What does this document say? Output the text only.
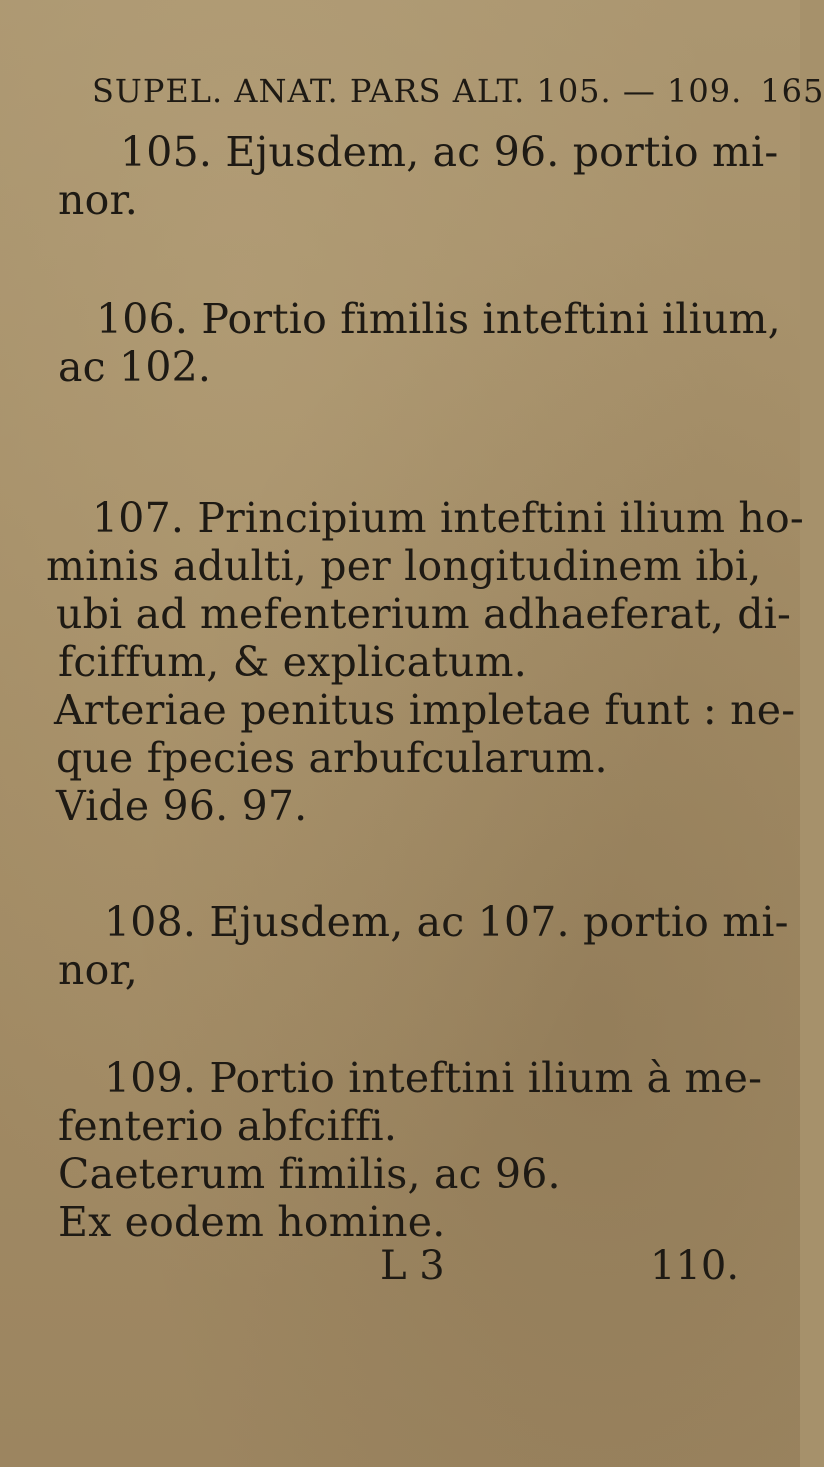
SUPEL. ANAT. PARS ALT. 105. — 109. 165
105. Ejusdem, ac 96. portio mi-
nor.
106. Portio fimilis inteftini ilium,
ac 102.
107. Principium inteftini ilium ho-
minis adulti, per longitudinem ibi,
ubi ad mefenterium adhaeferat, di-
fciffum, & explicatum.
Arteriae penitus impletae funt : ne-
que fpecies arbufcularum.
Vide 96. 97.
108. Ejusdem, ac 107. portio mi-
nor,
109. Portio inteftini ilium à me-
fenterio abfciffi.
Caeterum fimilis, ac 96.
Ex eodem homine.
L 3	110.
